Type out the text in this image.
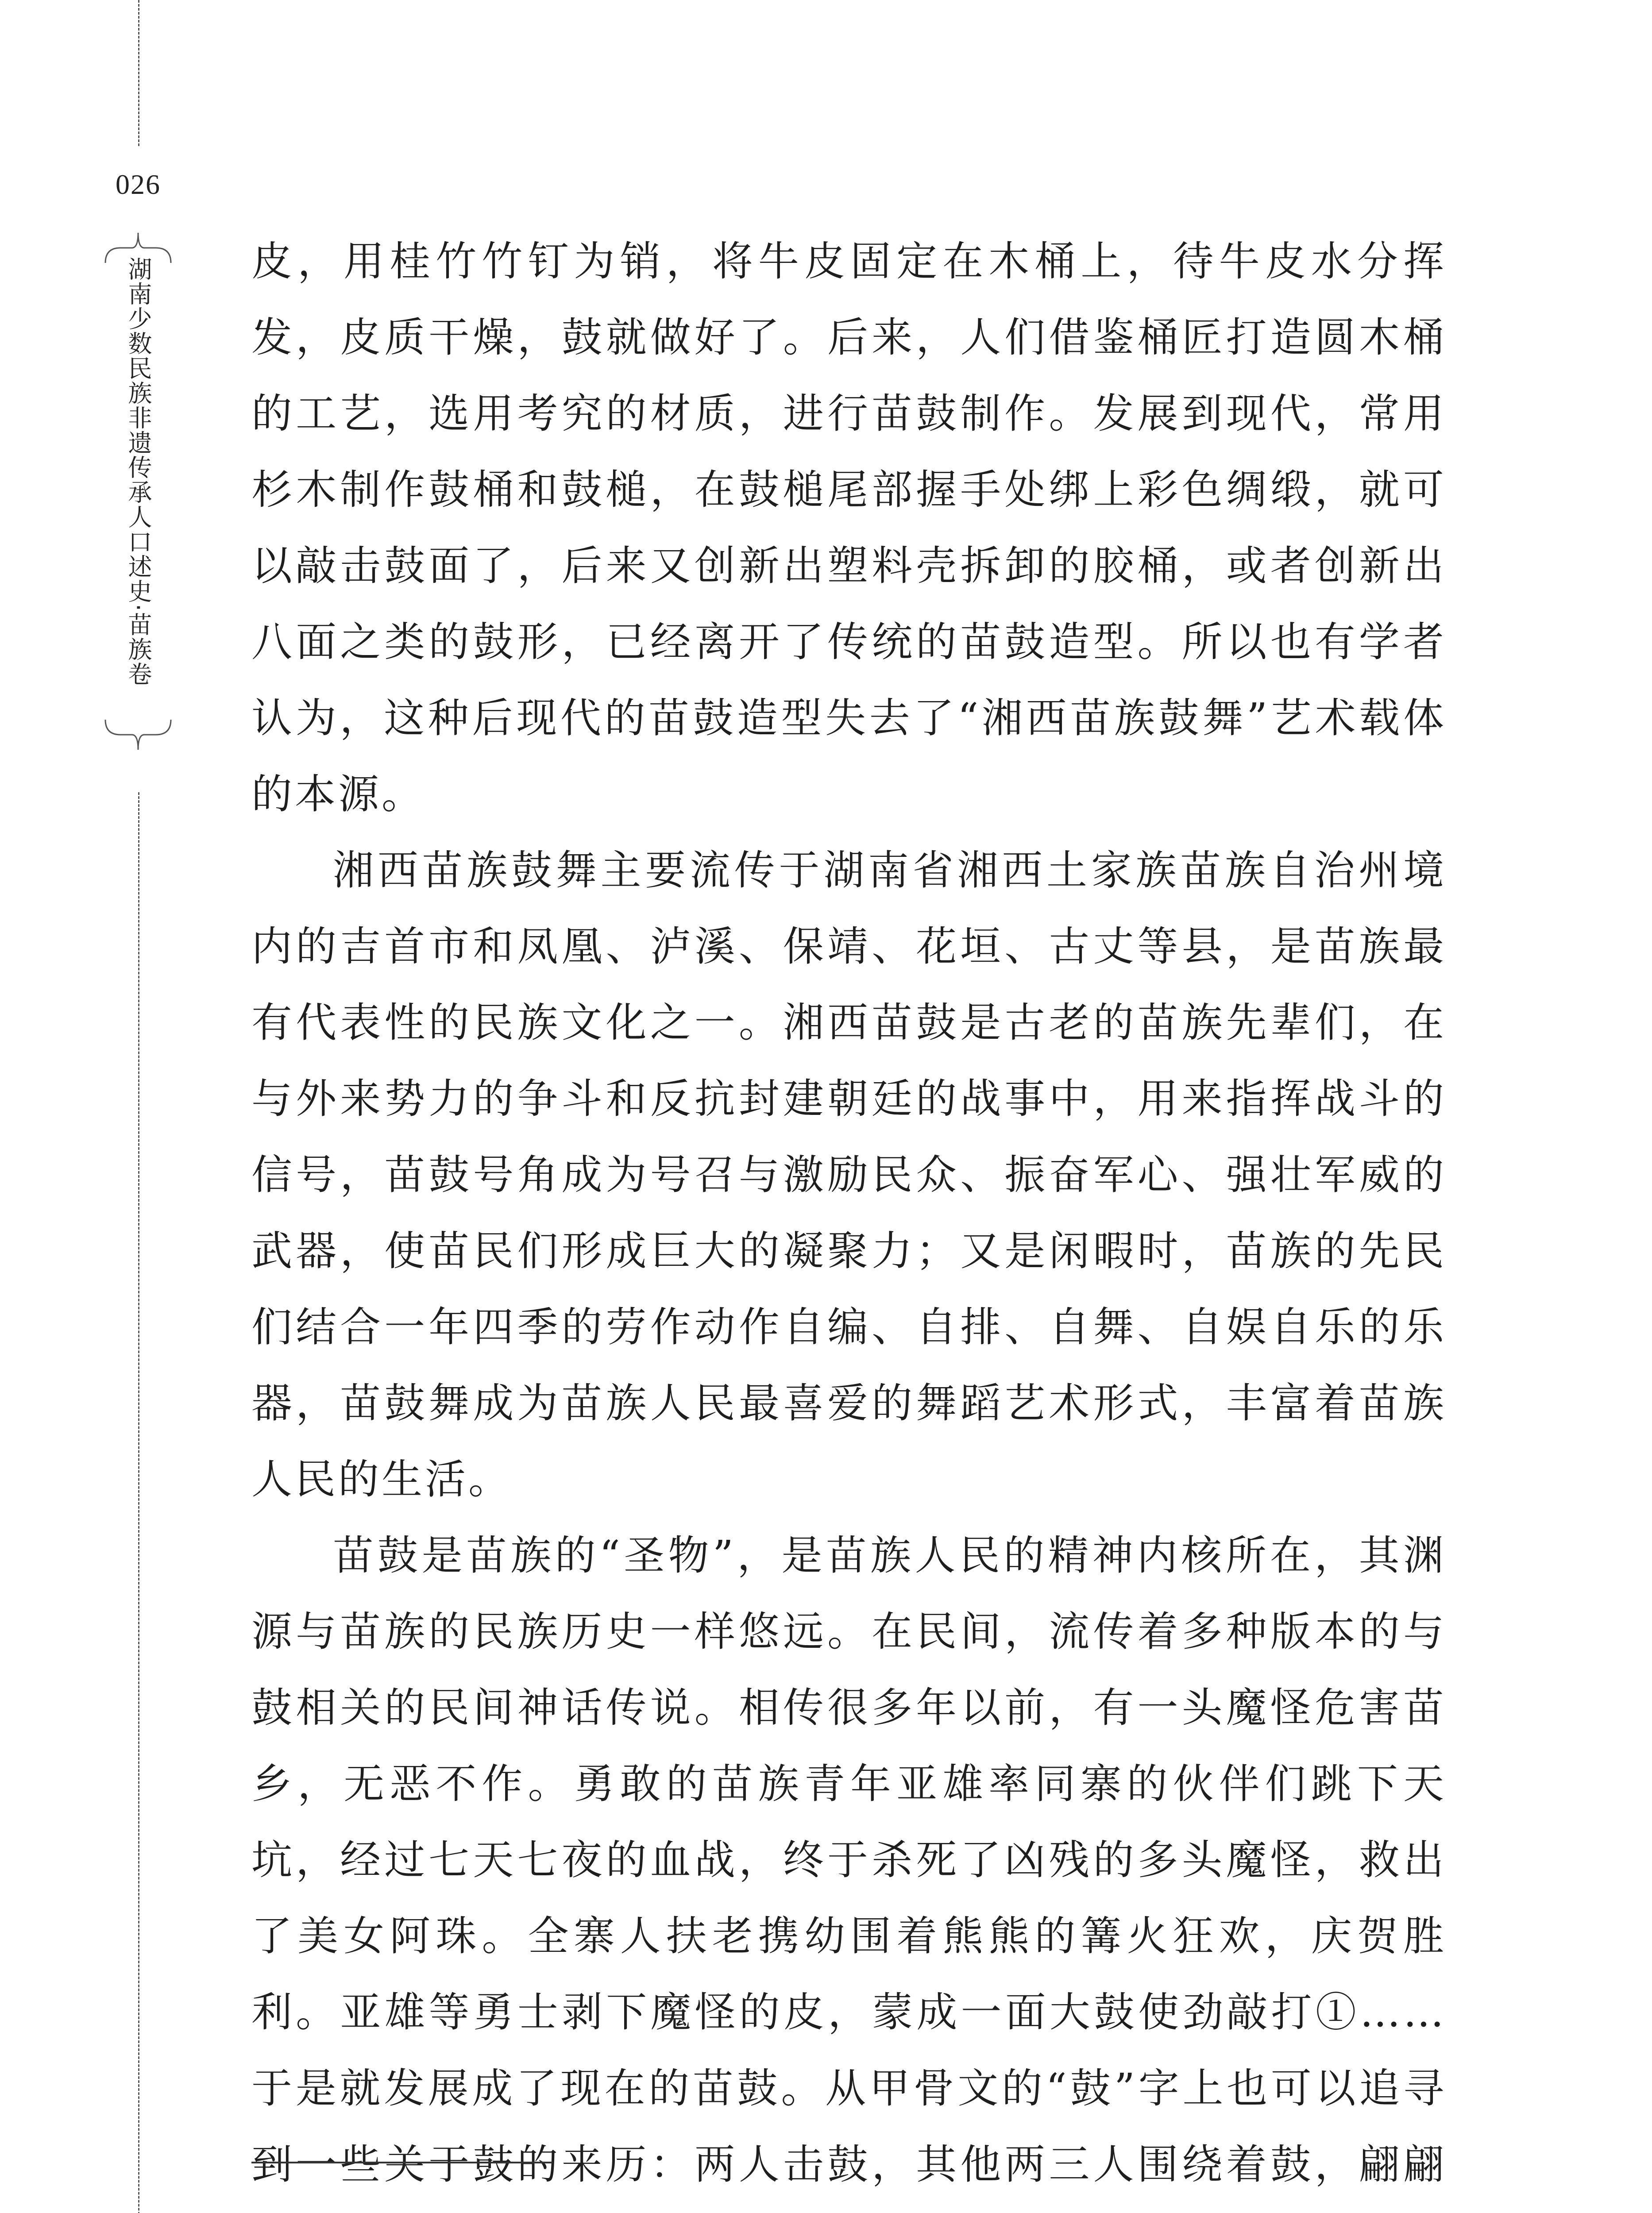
026
湖南少数民族非遗传承人口述史·苗族卷 皮，用桂竹竹钉为销，将牛皮固定在木桶上，待牛皮水分挥发，皮质干燥，鼓就做好了。后来，人们借鉴桶匠打造圆木桶的工艺，选用考究的材质，进行苗鼓制作。发展到现代，常用杉木制作鼓桶和鼓槌，在鼓槌尾部握手处绑上彩色绸缎，就可以敲击鼓面了，后来又创新出塑料壳拆卸的胶桶，或者创新出八面之类的鼓形，已经离开了传统的苗鼓造型。所以也有学者认为，这种后现代的苗鼓造型失去了“湘西苗族鼓舞”艺术载体的本源。

湘西苗族鼓舞主要流传于湖南省湘西土家族苗族自治州境内的吉首市和凤凰、泸溪、保靖、花垣、古丈等县，是苗族最有代表性的民族文化之一。湘西苗鼓是古老的苗族先辈们，在与外来势力的争斗和反抗封建朝廷的战事中，用来指挥战斗的信号，苗鼓号角成为号召与激励民众、振奋军心、强壮军威的武器，使苗民们形成巨大的凝聚力；又是闲暇时，苗族的先民们结合一年四季的劳作动作自编、自排、自舞、自娱自乐的乐器，苗鼓舞成为苗族人民最喜爱的舞蹈艺术形式，丰富着苗族人民的生活。

苗鼓是苗族的“圣物”，是苗族人民的精神内核所在，其渊源与苗族的民族历史一样悠远。在民间，流传着多种版本的与鼓相关的民间神话传说。相传很多年以前，有一头魔怪危害苗乡，无恶不作。勇敢的苗族青年亚雄率同寨的伙伴们跳下天坑，经过七天七夜的血战，终于杀死了凶残的多头魔怪，救出了美女阿珠。全寨人扶老携幼围着熊熊的篝火狂欢，庆贺胜利。亚雄等勇士剥下魔怪的皮，蒙成一面大鼓使劲敲打①……于是就发展成了现在的苗鼓。从甲骨文的“鼓”字上也可以追寻到一些关于鼓的来历：两人击鼓，其他两三人围绕着鼓，翩翩
